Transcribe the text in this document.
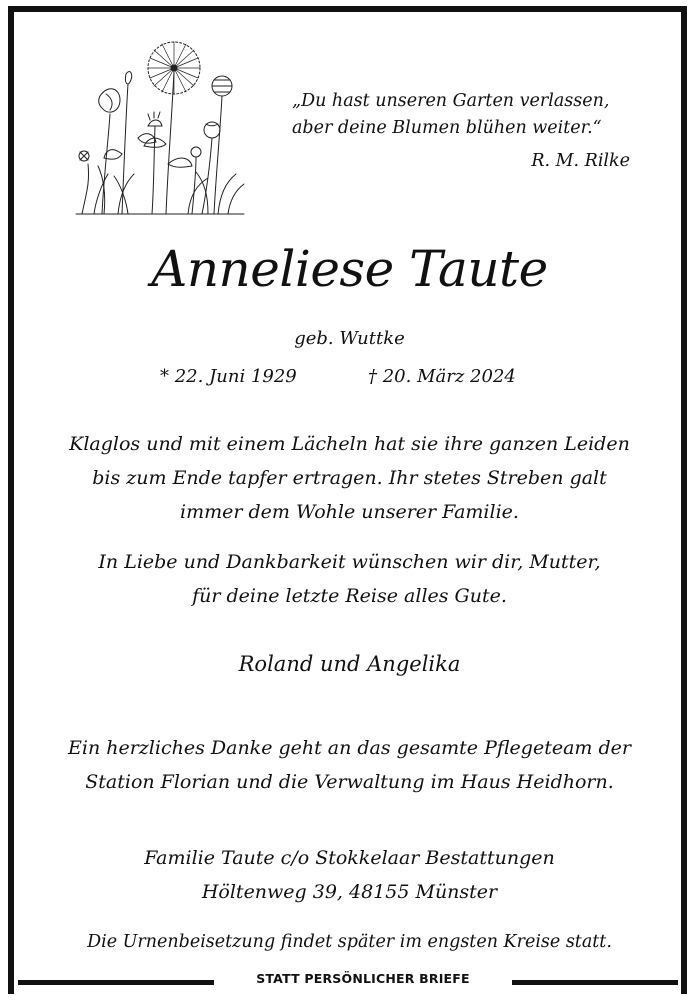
„Du hast unseren Garten verlassen,
aber deine Blumen blühen weiter.“
R. M. Rilke
Anneliese Taute
geb. Wuttke
* 22. Juni 1929	† 20. März 2024
Klaglos und mit einem Lächeln hat sie ihre ganzen Leiden
bis zum Ende tapfer ertragen. Ihr stetes Streben galt
immer dem Wohle unserer Familie.
In Liebe und Dankbarkeit wünschen wir dir, Mutter,
für deine letzte Reise alles Gute.
Roland und Angelika
Ein herzliches Danke geht an das gesamte Pflegeteam der
Station Florian und die Verwaltung im Haus Heidhorn.
Familie Taute c/o Stokkelaar Bestattungen
Höltenweg 39, 48155 Münster
Die Urnenbeisetzung findet später im engsten Kreise statt.
STATT PERSÖNLICHER BRIEFE
